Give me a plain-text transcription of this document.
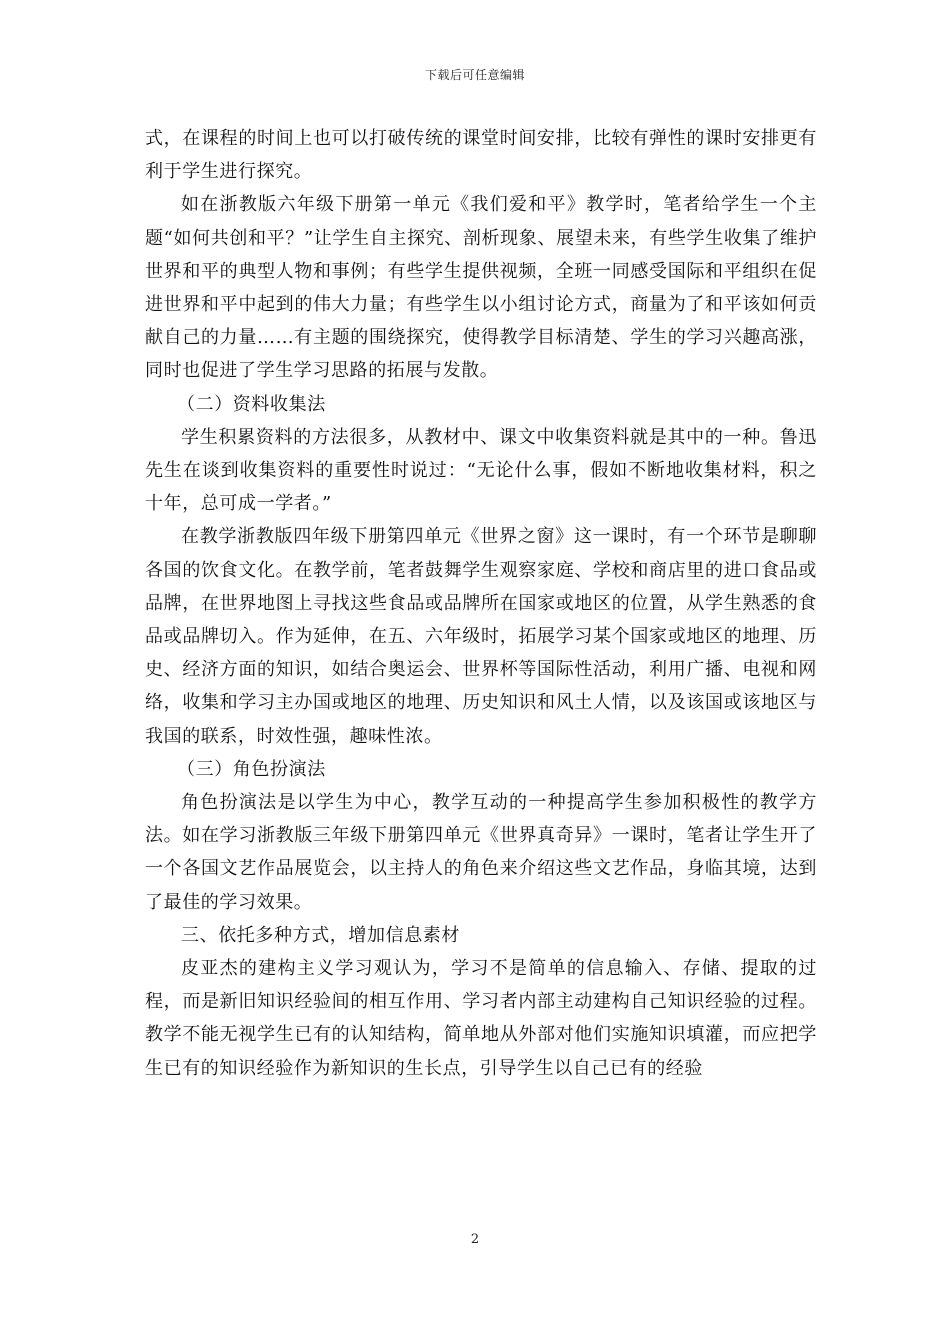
下载后可任意编辑

式，在课程的时间上也可以打破传统的课堂时间安排，比较有弹性的课时安排更有利于学生进行探究。

如在浙教版六年级下册第一单元《我们爱和平》教学时，笔者给学生一个主题“如何共创和平？”让学生自主探究、剖析现象、展望未来，有些学生收集了维护世界和平的典型人物和事例；有些学生提供视频，全班一同感受国际和平组织在促进世界和平中起到的伟大力量；有些学生以小组讨论方式，商量为了和平该如何贡献自己的力量……有主题的围绕探究，使得教学目标清楚、学生的学习兴趣高涨，同时也促进了学生学习思路的拓展与发散。

（二）资料收集法

学生积累资料的方法很多，从教材中、课文中收集资料就是其中的一种。鲁迅先生在谈到收集资料的重要性时说过：“无论什么事，假如不断地收集材料，积之十年，总可成一学者。”

在教学浙教版四年级下册第四单元《世界之窗》这一课时，有一个环节是聊聊各国的饮食文化。在教学前，笔者鼓舞学生观察家庭、学校和商店里的进口食品或品牌，在世界地图上寻找这些食品或品牌所在国家或地区的位置，从学生熟悉的食品或品牌切入。作为延伸，在五、六年级时，拓展学习某个国家或地区的地理、历史、经济方面的知识，如结合奥运会、世界杯等国际性活动，利用广播、电视和网络，收集和学习主办国或地区的地理、历史知识和风土人情，以及该国或该地区与我国的联系，时效性强，趣味性浓。

（三）角色扮演法

角色扮演法是以学生为中心，教学互动的一种提高学生参加积极性的教学方法。如在学习浙教版三年级下册第四单元《世界真奇异》一课时，笔者让学生开了一个各国文艺作品展览会，以主持人的角色来介绍这些文艺作品，身临其境，达到了最佳的学习效果。

三、依托多种方式，增加信息素材

皮亚杰的建构主义学习观认为，学习不是简单的信息输入、存储、提取的过程，而是新旧知识经验间的相互作用、学习者内部主动建构自己知识经验的过程。教学不能无视学生已有的认知结构，简单地从外部对他们实施知识填灌，而应把学生已有的知识经验作为新知识的生长点，引导学生以自己已有的经验

2
